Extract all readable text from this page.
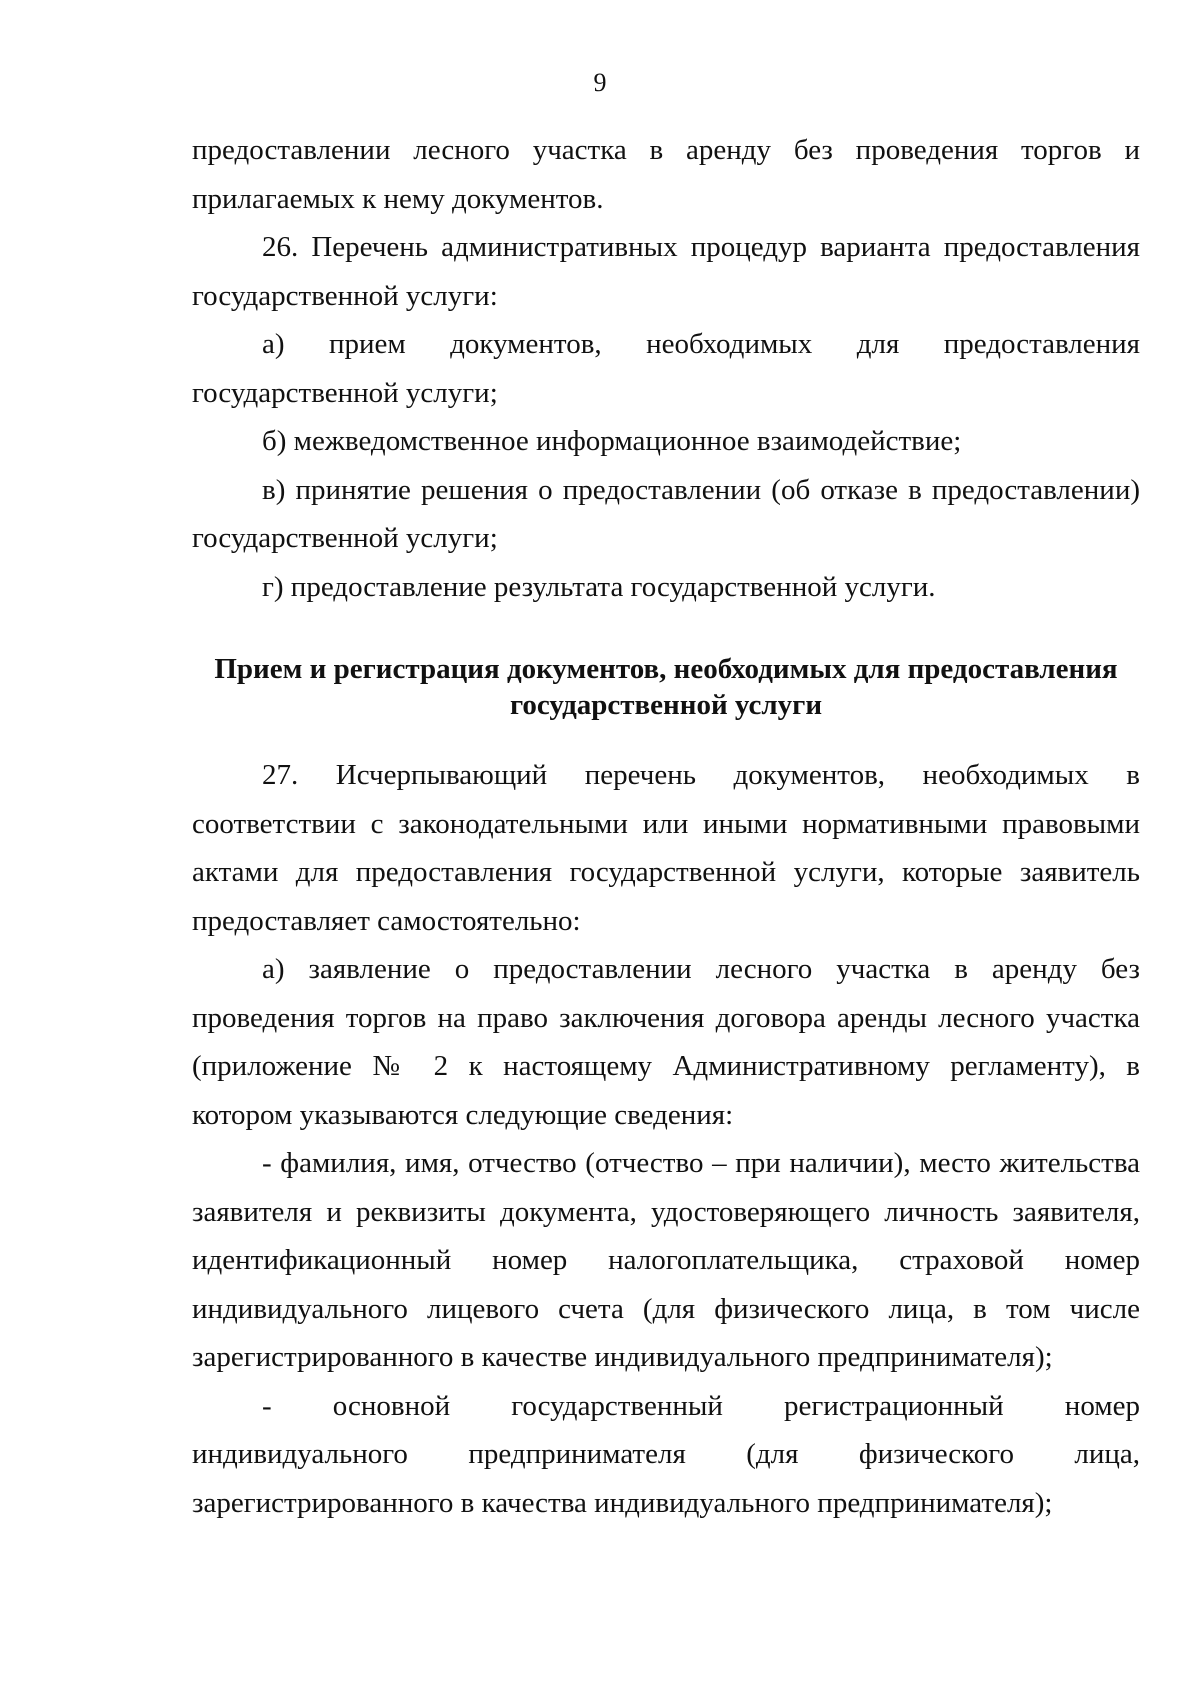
9

предоставлении лесного участка в аренду без проведения торгов и

прилагаемых к нему документов.

26. Перечень административных процедур варианта предоставления

государственной услуги:

а) прием документов, необходимых для предоставления

государственной услуги;

б) межведомственное информационное взаимодействие;

в) принятие решения о предоставлении (об отказе в предоставлении)

государственной услуги;

г) предоставление результата государственной услуги.

Прием и регистрация документов, необходимых для предоставления
государственной услуги

27. Исчерпывающий перечень документов, необходимых в соответствии с законодательными или иными нормативными правовыми актами для предоставления государственной услуги, которые заявитель предоставляет самостоятельно:

а) заявление о предоставлении лесного участка в аренду без проведения торгов на право заключения договора аренды лесного участка (приложение № 2 к настоящему Административному регламенту), в котором указываются следующие сведения:

- фамилия, имя, отчество (отчество – при наличии), место жительства заявителя и реквизиты документа, удостоверяющего личность заявителя, идентификационный номер налогоплательщика, страховой номер индивидуального лицевого счета (для физического лица, в том числе зарегистрированного в качестве индивидуального предпринимателя);

- основной государственный регистрационный номер индивидуального предпринимателя (для физического лица, зарегистрированного в качества индивидуального предпринимателя);
